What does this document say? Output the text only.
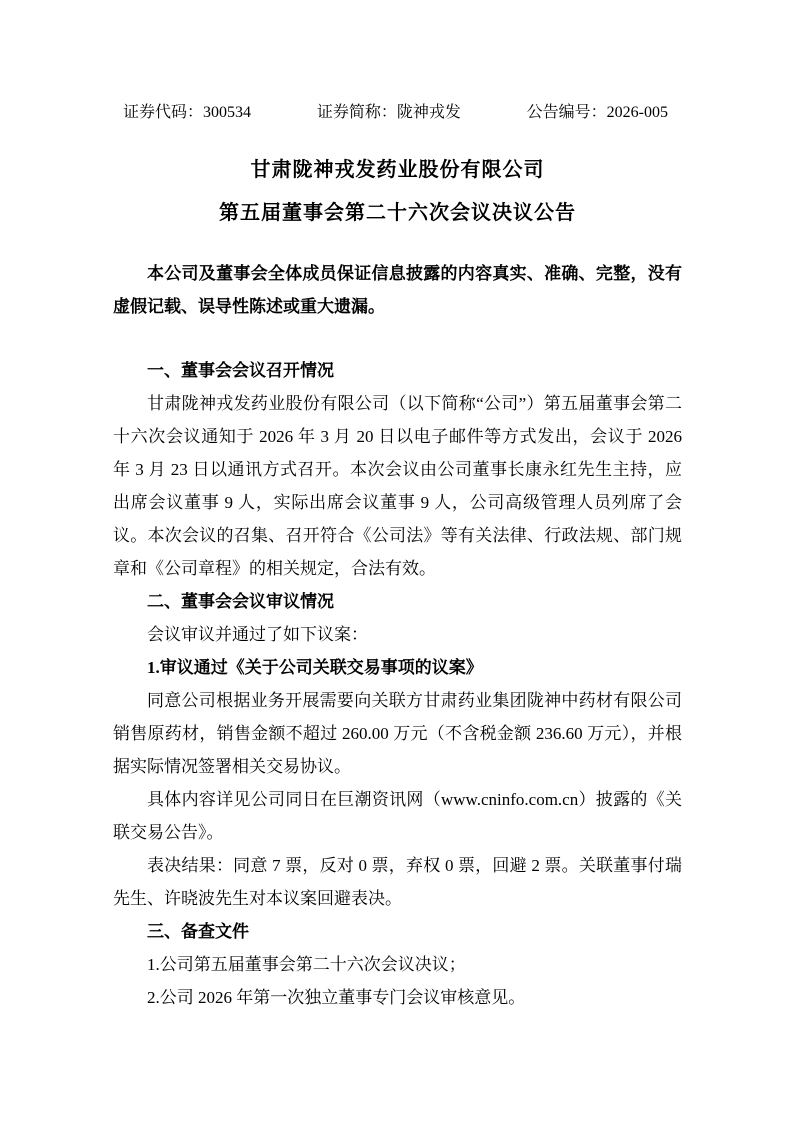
证券代码：300534	证券简称：陇神戎发	公告编号：2026-005

甘肃陇神戎发药业股份有限公司

第五届董事会第二十六次会议决议公告

本公司及董事会全体成员保证信息披露的内容真实、准确、完整，没有虚假记载、误导性陈述或重大遗漏。

一、董事会会议召开情况

甘肃陇神戎发药业股份有限公司（以下简称“公司”）第五届董事会第二十六次会议通知于 2026 年 3 月 20 日以电子邮件等方式发出，会议于 2026 年 3 月 23 日以通讯方式召开。本次会议由公司董事长康永红先生主持，应出席会议董事 9 人，实际出席会议董事 9 人，公司高级管理人员列席了会议。本次会议的召集、召开符合《公司法》等有关法律、行政法规、部门规章和《公司章程》的相关规定，合法有效。

二、董事会会议审议情况

会议审议并通过了如下议案：

1.审议通过《关于公司关联交易事项的议案》

同意公司根据业务开展需要向关联方甘肃药业集团陇神中药材有限公司销售原药材，销售金额不超过 260.00 万元（不含税金额 236.60 万元），并根据实际情况签署相关交易协议。

具体内容详见公司同日在巨潮资讯网（www.cninfo.com.cn）披露的《关联交易公告》。

表决结果：同意 7 票，反对 0 票，弃权 0 票，回避 2 票。关联董事付瑞先生、许晓波先生对本议案回避表决。

三、备查文件

1.公司第五届董事会第二十六次会议决议；

2.公司 2026 年第一次独立董事专门会议审核意见。
